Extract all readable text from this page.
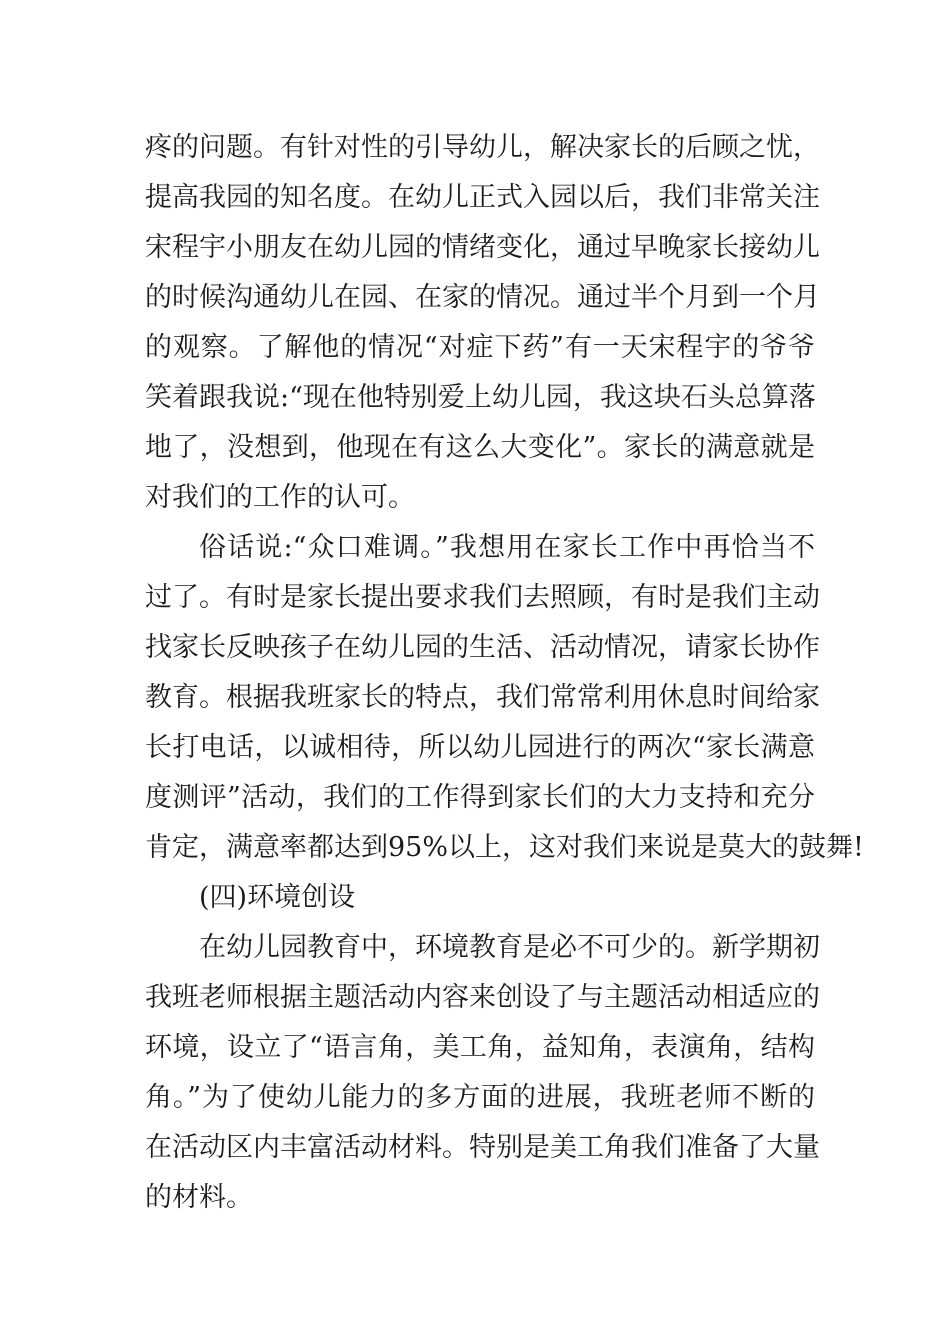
疼的问题。有针对性的引导幼儿，解决家长的后顾之忧，
提高我园的知名度。在幼儿正式入园以后，我们非常关注
宋程宇小朋友在幼儿园的情绪变化，通过早晚家长接幼儿
的时候沟通幼儿在园、在家的情况。通过半个月到一个月
的观察。了解他的情况“对症下药”有一天宋程宇的爷爷
笑着跟我说:“现在他特别爱上幼儿园，我这块石头总算落
地了，没想到，他现在有这么大变化”。家长的满意就是
对我们的工作的认可。
俗话说:“众口难调。”我想用在家长工作中再恰当不
过了。有时是家长提出要求我们去照顾，有时是我们主动
找家长反映孩子在幼儿园的生活、活动情况，请家长协作
教育。根据我班家长的特点，我们常常利用休息时间给家
长打电话，以诚相待，所以幼儿园进行的两次“家长满意
度测评”活动，我们的工作得到家长们的大力支持和充分
肯定，满意率都达到95%以上，这对我们来说是莫大的鼓舞!
(四)环境创设
在幼儿园教育中，环境教育是必不可少的。新学期初
我班老师根据主题活动内容来创设了与主题活动相适应的
环境，设立了“语言角，美工角，益知角，表演角，结构
角。”为了使幼儿能力的多方面的进展，我班老师不断的
在活动区内丰富活动材料。特别是美工角我们准备了大量
的材料。
